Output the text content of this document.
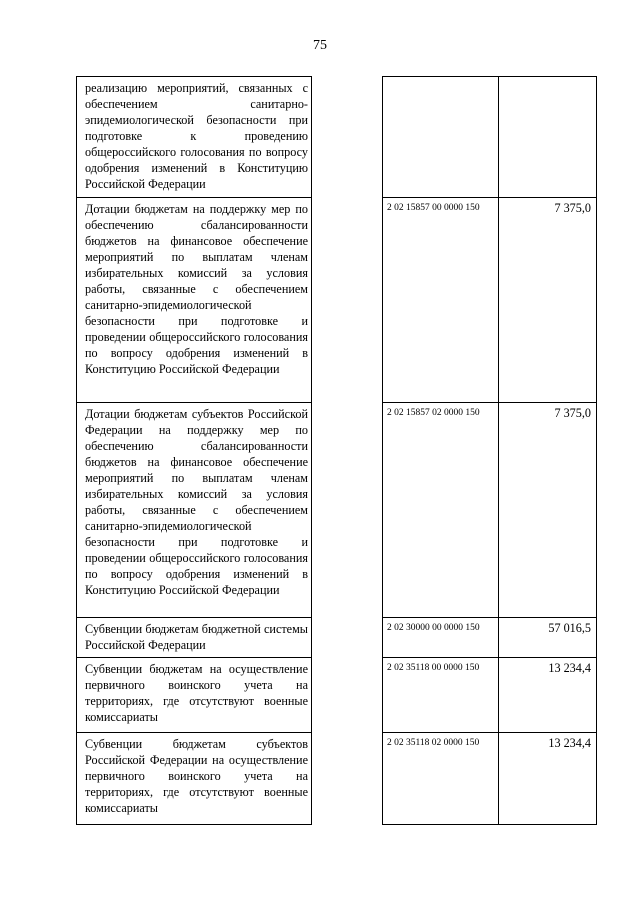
75
реализацию мероприятий, связанных с обеспечением санитарно-эпидемиологической безопасности при подготовке к проведению общероссийского голосования по вопросу одобрения изменений в Конституцию Российской Федерации			

Дотации бюджетам на поддержку мер по обеспечению сбалансированности бюджетов на финансовое обеспечение мероприятий по выплатам членам избирательных комиссий за условия работы, связанные с обеспечением санитарно-эпидемиологической безопасности при подготовке и проведении общероссийского голосования по вопросу одобрения изменений в Конституцию Российской Федерации		2 02 15857 00 0000 150	7 375,0

Дотации бюджетам субъектов Российской Федерации на поддержку мер по обеспечению сбалансированности бюджетов на финансовое обеспечение мероприятий по выплатам членам избирательных комиссий за условия работы, связанные с обеспечением санитарно-эпидемиологической безопасности при подготовке и проведении общероссийского голосования по вопросу одобрения изменений в Конституцию Российской Федерации		2 02 15857 02 0000 150	7 375,0

Субвенции бюджетам бюджетной системы Российской Федерации		2 02 30000 00 0000 150	57 016,5

Субвенции бюджетам на осуществление первичного воинского учета на территориях, где отсутствуют военные комиссариаты		2 02 35118 00 0000 150	13 234,4

Субвенции бюджетам субъектов Российской Федерации на осуществление первичного воинского учета на территориях, где отсутствуют военные комиссариаты		2 02 35118 02 0000 150	13 234,4
